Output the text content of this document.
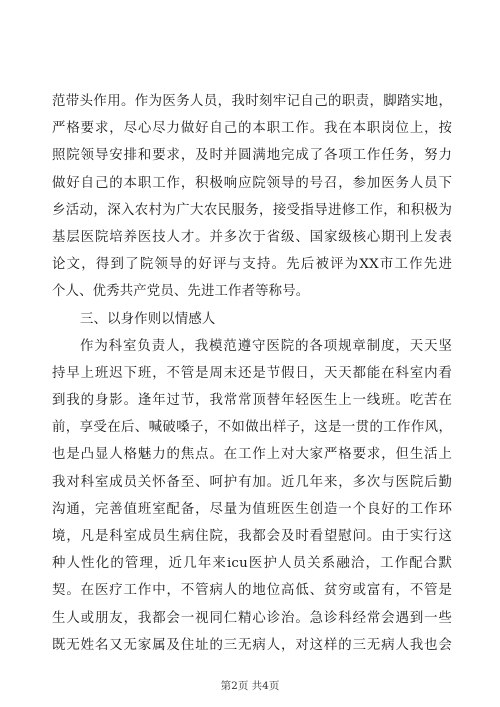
范带头作用。作为医务人员，我时刻牢记自己的职责，脚踏实地，
严格要求，尽心尽力做好自己的本职工作。我在本职岗位上，按
照院领导安排和要求，及时并圆满地完成了各项工作任务，努力
做好自己的本职工作，积极响应院领导的号召，参加医务人员下
乡活动，深入农村为广大农民服务，接受指导进修工作，和积极为
基层医院培养医技人才。并多次于省级、国家级核心期刊上发表
论文，得到了院领导的好评与支持。先后被评为XX市工作先进
个人、优秀共产党员、先进工作者等称号。
三、以身作则以情感人
作为科室负责人，我模范遵守医院的各项规章制度，天天坚
持早上班迟下班，不管是周末还是节假日，天天都能在科室内看
到我的身影。逢年过节，我常常顶替年轻医生上一线班。吃苦在
前，享受在后、喊破嗓子，不如做出样子，这是一贯的工作作风，
也是凸显人格魅力的焦点。在工作上对大家严格要求，但生活上
我对科室成员关怀备至、呵护有加。近几年来，多次与医院后勤
沟通，完善值班室配备，尽量为值班医生创造一个良好的工作环
境，凡是科室成员生病住院，我都会及时看望慰问。由于实行这
种人性化的管理，近几年来icu医护人员关系融洽，工作配合默
契。在医疗工作中，不管病人的地位高低、贫穷或富有，不管是
生人或朋友，我都会一视同仁精心诊治。急诊科经常会遇到一些
既无姓名又无家属及住址的三无病人，对这样的三无病人我也会
第2页 共4页
